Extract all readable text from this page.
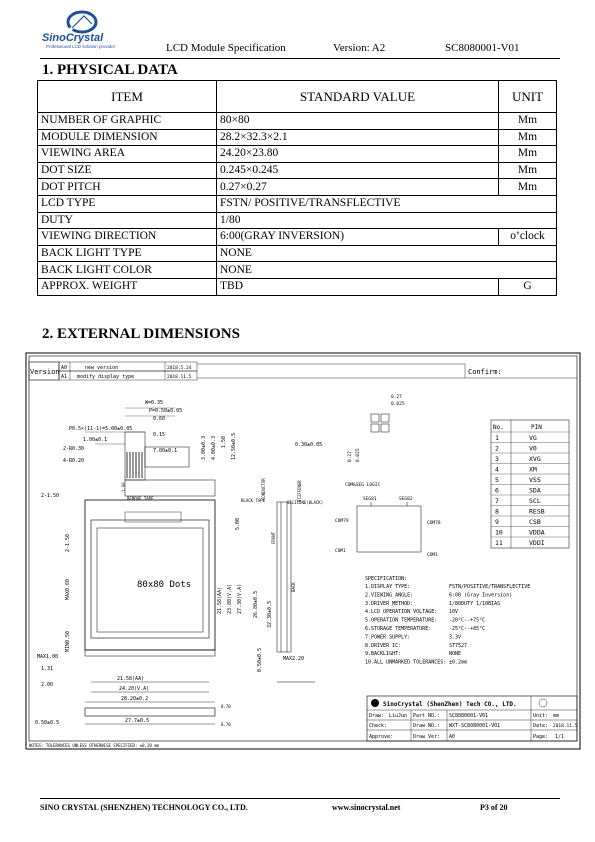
SinoCrystal
Professional LCD solution provider	LCD Module Specification	Version: A2	SC8080001-V01
1. PHYSICAL DATA
ITEM	STANDARD VALUE	UNIT
NUMBER OF GRAPHIC	80×80	Mm
MODULE DIMENSION	28.2×32.3×2.1	Mm
VIEWING AREA	24.20×23.80	Mm
DOT SIZE	0.245×0.245	Mm
DOT PITCH	0.27×0.27	Mm
LCD TYPE	FSTN/ POSITIVE/TRANSFLECTIVE	
DUTY	1/80	
VIEWING DIRECTION	6:00(GRAY INVERSION)	o’clock
BACK LIGHT TYPE	NONE	
BACK LIGHT COLOR	NONE	
APPROX. WEIGHT	TBD	G
2. EXTERNAL DIMENSIONS
Version A0	new version	2018.5.24
A1 modify display type	2018.11.5
Confirm:
REMOVE TAPE
80x80 Dots
21.58(AA)
24.20(V.A)
28.20±0.2
27.7±0.5
0.50±0.5
MAX1.00
1.31
2.00
2-1.50
0.70
0.70
W=0.35
P=0.50±0.05
0.60
P0.5×(11-1)=5.00±0.05
1.00±0.1
0.15
2-R0.30	7.00±0.1
4-R0.20
3.00±0.3 4.00±0.3 1.50 12.50±0.5
21.58(AA) 23.80(V.A) 27.30(V.A) 26.80±0.5 32.30±0.5
5.00
0.50±0.5
MAX0.60
MIN0.50
2-1.50
1.00
0.30±0.05
MAX2.20
BLACK TAPE
CONDUCTOR	STIFFENER
SILICONE(BLACK)
FRONT
BACK
0.27
0.025
0.27 0.025
COM&SEG LOGIC
SEG81	SEG82
COM79	COM78
COM1
COM1
No.	PIN
1	VG
2	V0
3	XVG
4	XM
5	VSS
6	SDA
7	SCL
8	RESB
9	CSB
10	VDDA
11	VDDI
SPECIFICATION:
1.DISPLAY TYPE:	FSTN/POSITIVE/TRANSFLECTIVE
2.VIEWING ANGLE:	6:00 (Gray Inversion)
3.DRIVER METHOD:	1/80DUTY 1/10BIAS
4.LCD OPERATION VOLTAGE: 10V
5.OPERATION TEMPERATURE: -20°C--+75°C
6.STORAGE TEMPERATURE:	-25°C--+85°C
7.POWER SUPPLY:	3.3V
8.DRIVER IC:	ST7527
9.BACKLIGHT:	NONE
10.ALL UNMARKED TOLERANCES: ±0.2mm
SinoCrystal (ShenZhen) Tech CO., LTD.
Draw: LiuJun Part NO.: SC8080001-V01	Unit: mm
Check:	Draw NO.: WXT-SC8080001-V01	Date: 2018.11.5
Approve:	Draw Ver: A0	Page: 1/1
NOTES: TOLERANCES UNLESS OTHERWISE SPECIFIED: ±0.20 mm
SINO CRYSTAL (SHENZHEN) TECHNOLOGY CO., LTD.	www.sinocrystal.net	P3 of 20
